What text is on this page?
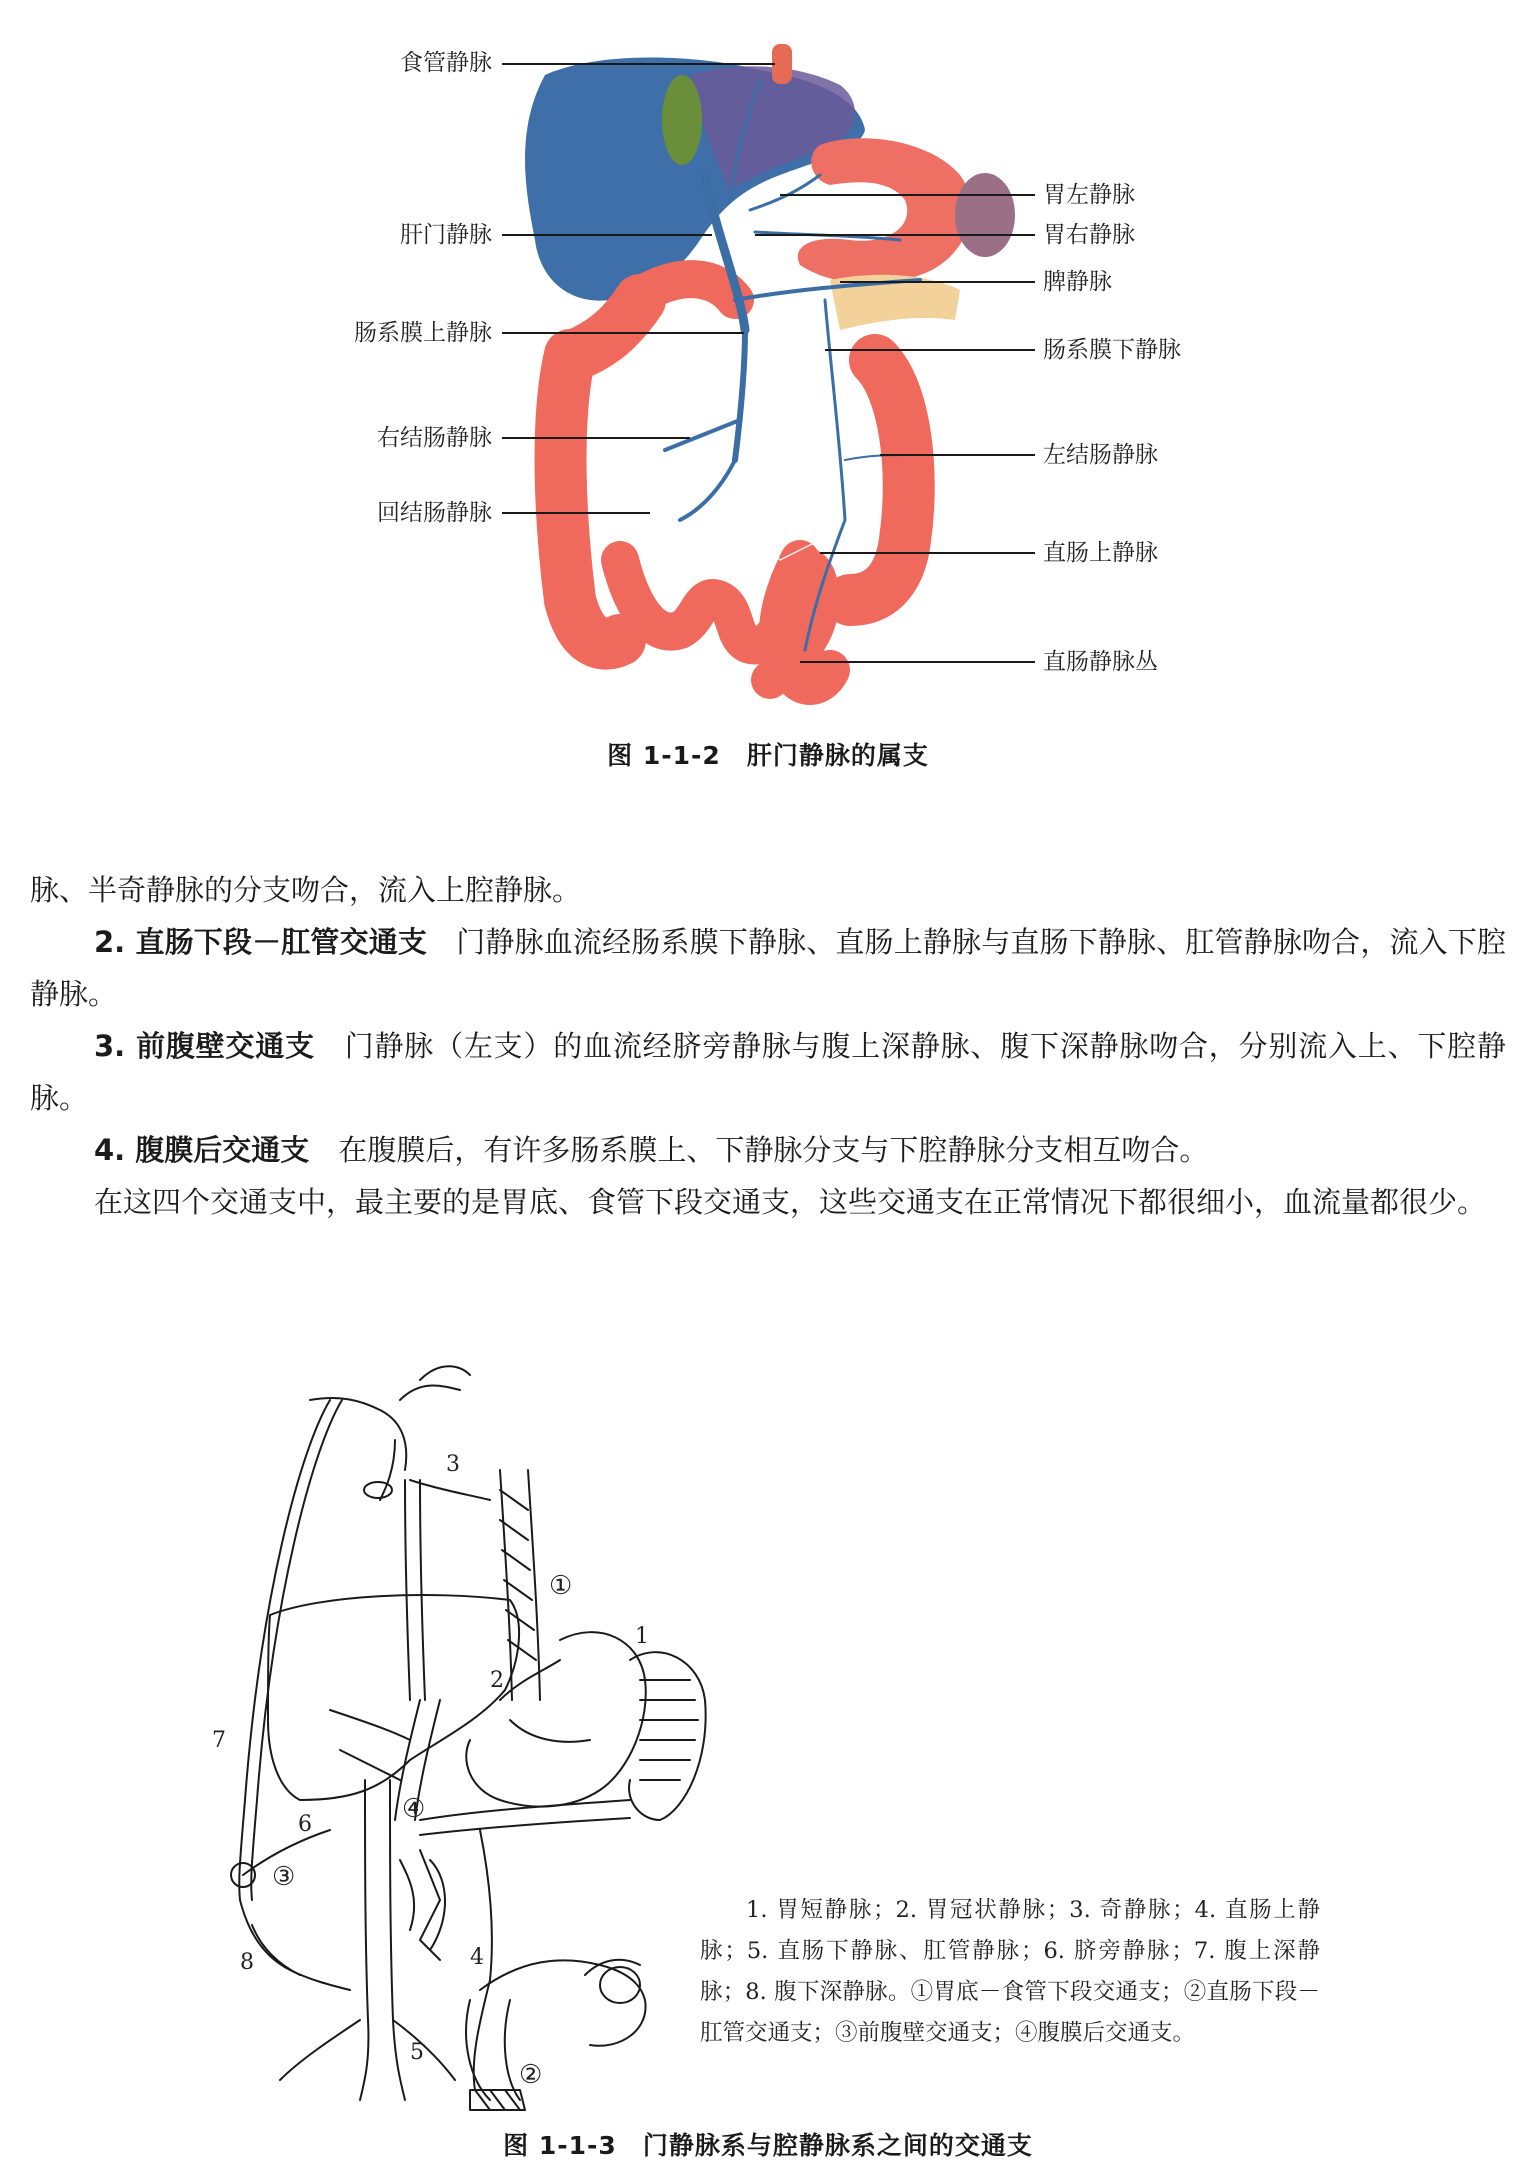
食管静脉
肝门静脉
肠系膜上静脉
右结肠静脉
回结肠静脉
胃左静脉
胃右静脉
脾静脉
肠系膜下静脉
左结肠静脉
直肠上静脉
直肠静脉丛
图 1-1-2　肝门静脉的属支

脉、半奇静脉的分支吻合，流入上腔静脉。

2. 直肠下段－肛管交通支　 门静脉血流经肠系膜下静脉、直肠上静脉与直肠下静脉、肛管静脉吻合，流入下腔静脉。

3. 前腹壁交通支　 门静脉（左支）的血流经脐旁静脉与腹上深静脉、腹下深静脉吻合，分别流入上、下腔静脉。

4. 腹膜后交通支　 在腹膜后，有许多肠系膜上、下静脉分支与下腔静脉分支相互吻合。

在这四个交通支中，最主要的是胃底、食管下段交通支，这些交通支在正常情况下都很细小，血流量都很少。

1
2
3
4
5
6
7
8
①
②
③
④
1. 胃短静脉；2. 胃冠状静脉；3. 奇静脉；4. 直肠上静脉；5. 直肠下静脉、肛管静脉；6. 脐旁静脉；7. 腹上深静脉；8. 腹下深静脉。①胃底－食管下段交通支；②直肠下段－肛管交通支；③前腹壁交通支；④腹膜后交通支。
图 1-1-3　门静脉系与腔静脉系之间的交通支
